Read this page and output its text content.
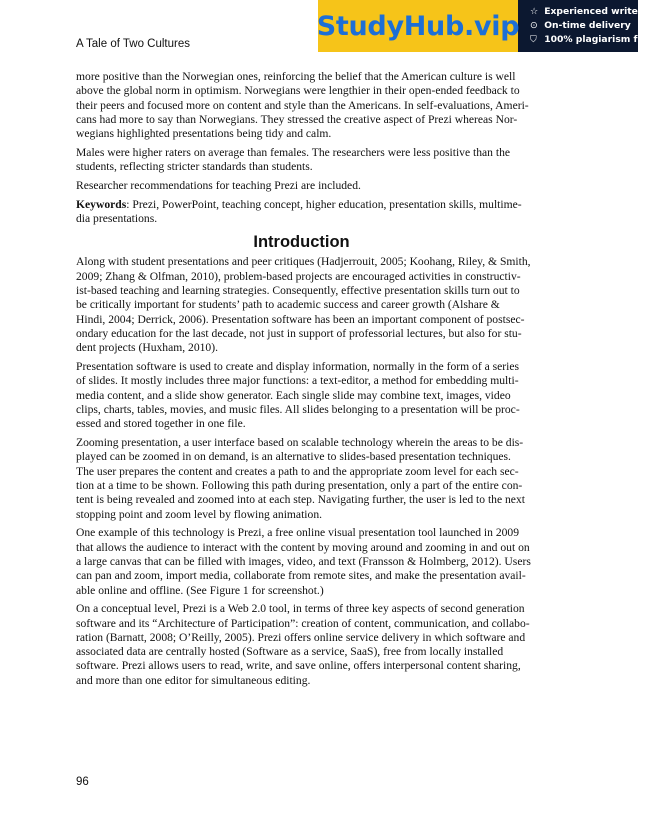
A Tale of Two Cultures
StudyHub.vip ☆ Experienced writers
⊙ On-time delivery
⛉ 100% plagiarism free

more positive than the Norwegian ones, reinforcing the belief that the American culture is well
above the global norm in optimism. Norwegians were lengthier in their open-ended feedback to
their peers and focused more on content and style than the Americans. In self-evaluations, Ameri-
cans had more to say than Norwegians. They stressed the creative aspect of Prezi whereas Nor-
wegians highlighted presentations being tidy and calm.

Males were higher raters on average than females. The researchers were less positive than the
students, reflecting stricter standards than students.

Researcher recommendations for teaching Prezi are included.

Keywords: Prezi, PowerPoint, teaching concept, higher education, presentation skills, multime-
dia presentations.

Introduction

Along with student presentations and peer critiques (Hadjerrouit, 2005; Koohang, Riley, & Smith,
2009; Zhang & Olfman, 2010), problem-based projects are encouraged activities in constructiv-
ist-based teaching and learning strategies. Consequently, effective presentation skills turn out to
be critically important for students’ path to academic success and career growth (Alshare &
Hindi, 2004; Derrick, 2006). Presentation software has been an important component of postsec-
ondary education for the last decade, not just in support of professorial lectures, but also for stu-
dent projects (Huxham, 2010).

Presentation software is used to create and display information, normally in the form of a series
of slides. It mostly includes three major functions: a text-editor, a method for embedding multi-
media content, and a slide show generator. Each single slide may combine text, images, video
clips, charts, tables, movies, and music files. All slides belonging to a presentation will be proc-
essed and stored together in one file.

Zooming presentation, a user interface based on scalable technology wherein the areas to be dis-
played can be zoomed in on demand, is an alternative to slides-based presentation techniques.
The user prepares the content and creates a path to and the appropriate zoom level for each sec-
tion at a time to be shown. Following this path during presentation, only a part of the entire con-
tent is being revealed and zoomed into at each step. Navigating further, the user is led to the next
stopping point and zoom level by flowing animation.

One example of this technology is Prezi, a free online visual presentation tool launched in 2009
that allows the audience to interact with the content by moving around and zooming in and out on
a large canvas that can be filled with images, video, and text (Fransson & Holmberg, 2012). Users
can pan and zoom, import media, collaborate from remote sites, and make the presentation avail-
able online and offline. (See Figure 1 for screenshot.)

On a conceptual level, Prezi is a Web 2.0 tool, in terms of three key aspects of second generation
software and its “Architecture of Participation”: creation of content, communication, and collabo-
ration (Barnatt, 2008; O’Reilly, 2005). Prezi offers online service delivery in which software and
associated data are centrally hosted (Software as a service, SaaS), free from locally installed
software. Prezi allows users to read, write, and save online, offers interpersonal content sharing,
and more than one editor for simultaneous editing.

96
